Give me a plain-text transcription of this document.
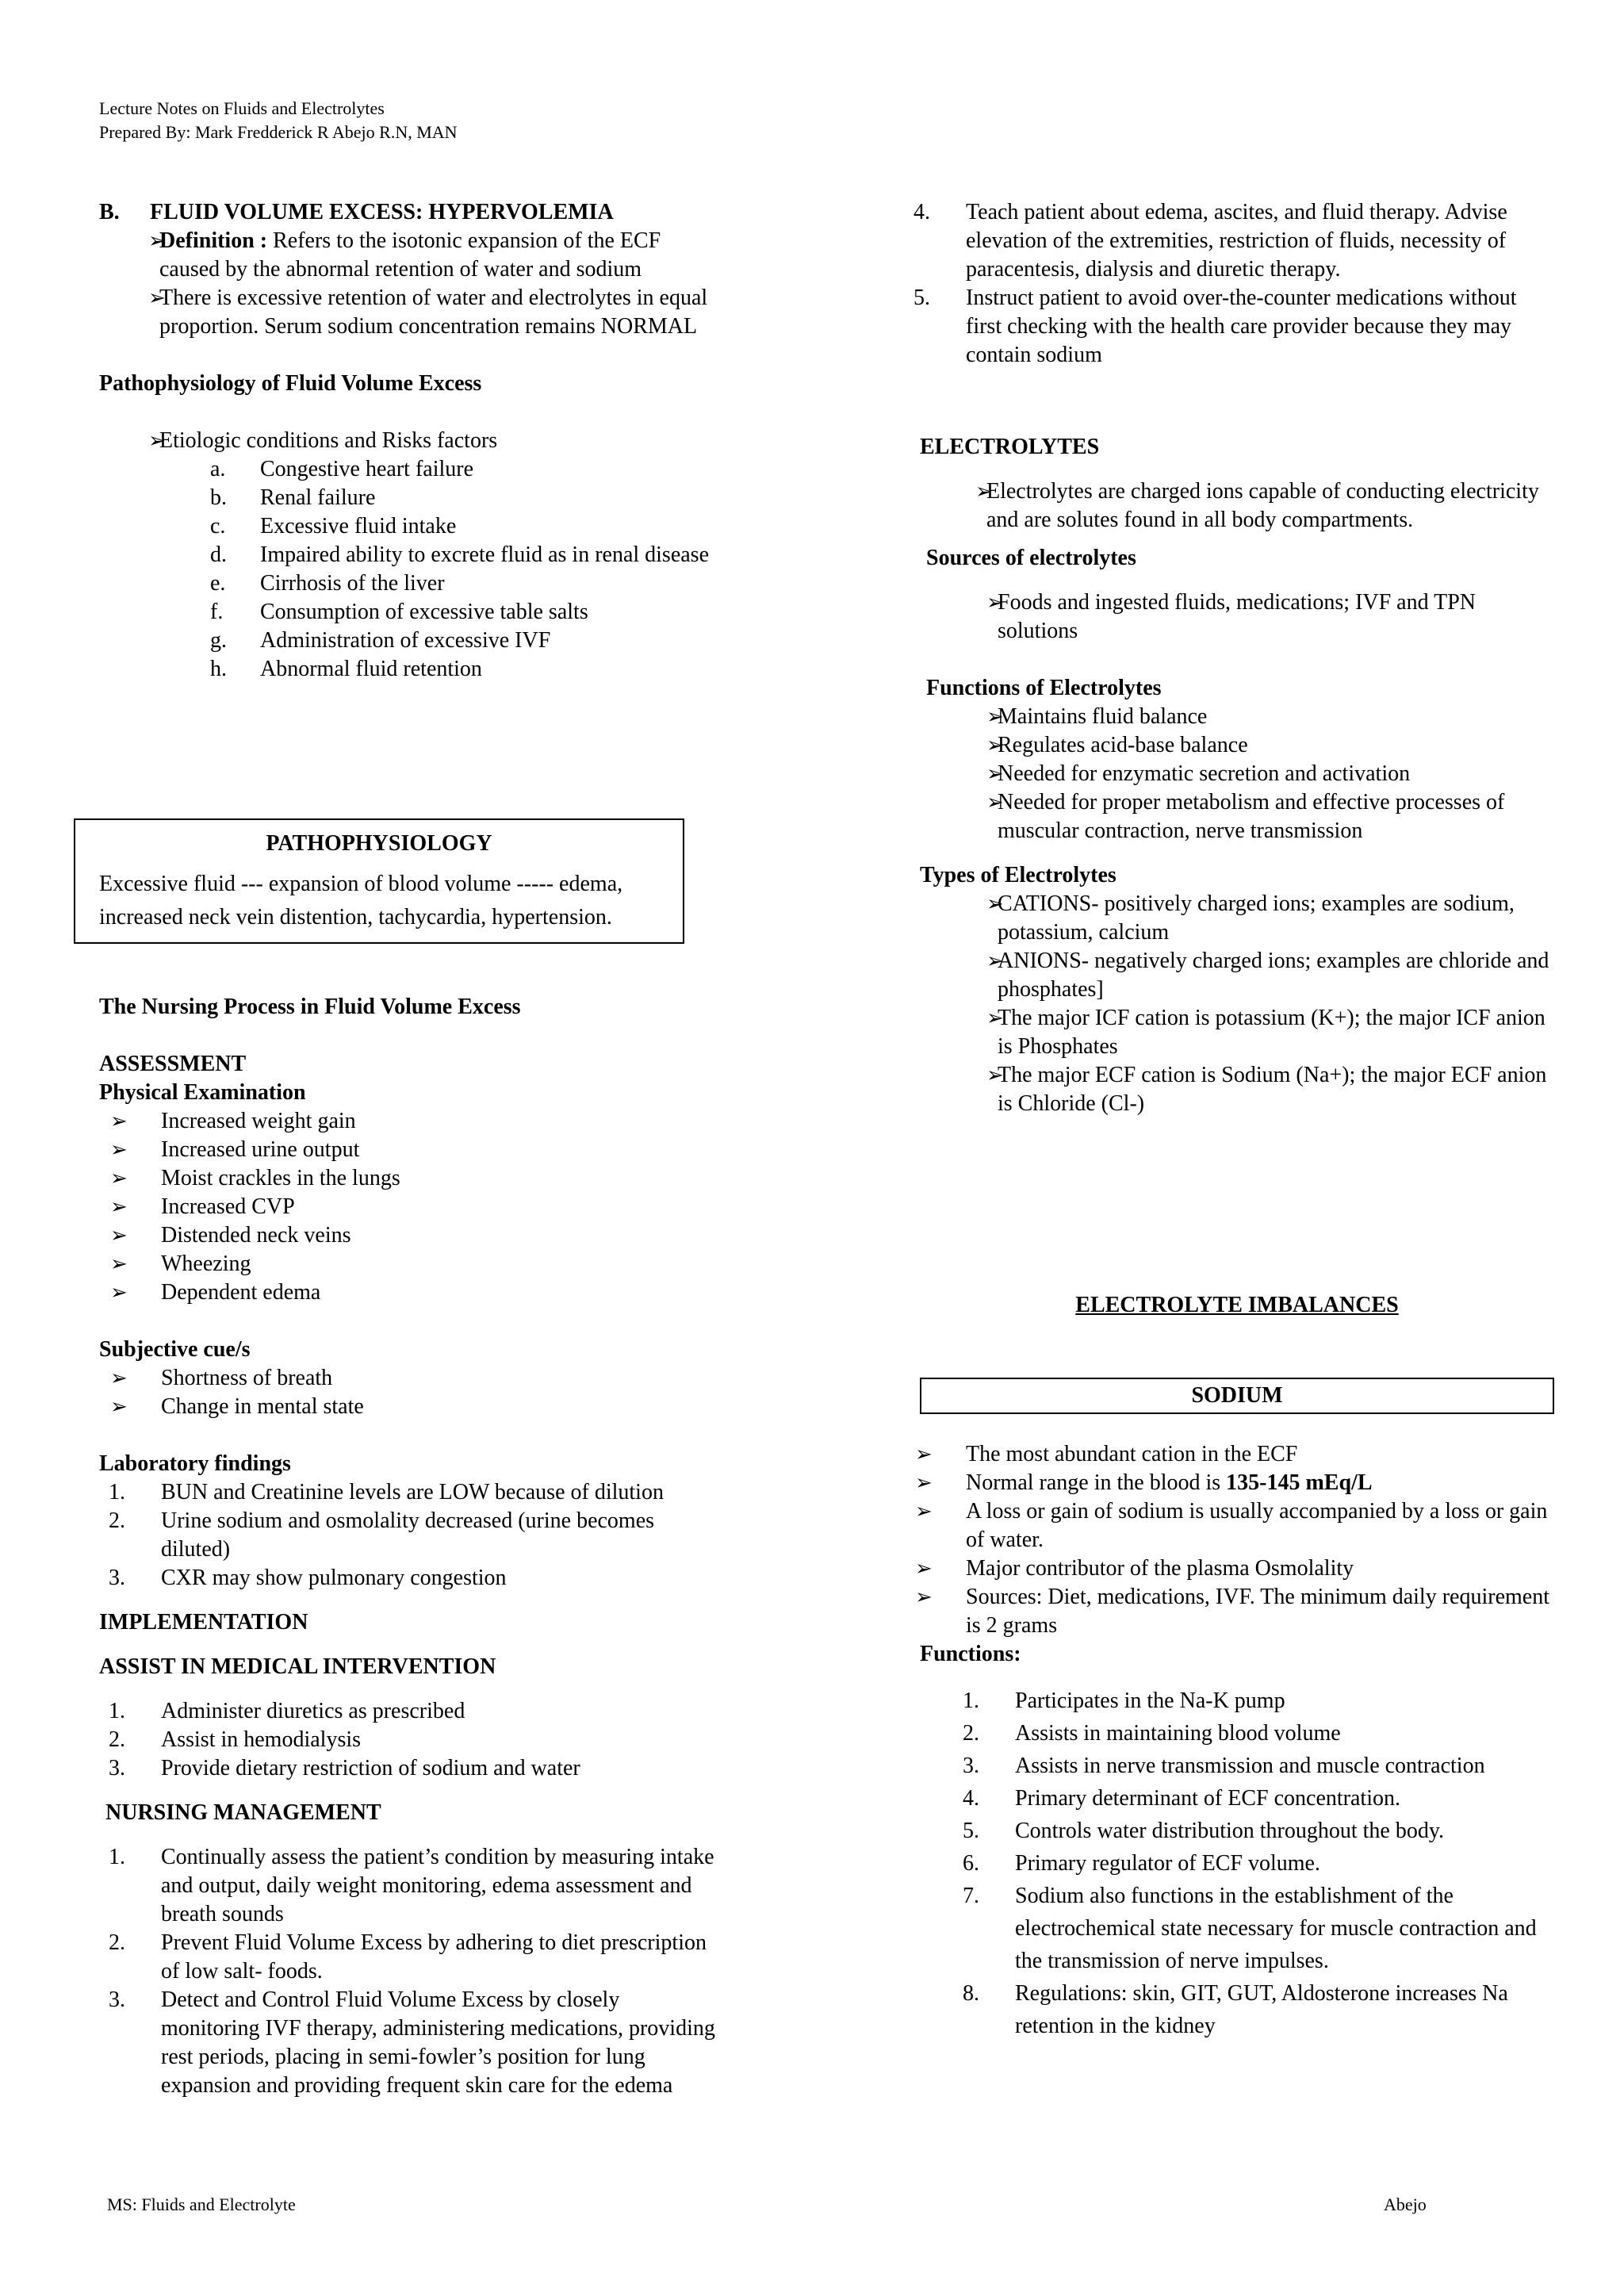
Lecture Notes on Fluids and Electrolytes
Prepared By: Mark Fredderick R Abejo R.N, MAN
B.	FLUID VOLUME EXCESS: HYPERVOLEMIA
➢ Definition : Refers to the isotonic expansion of the ECF caused by the abnormal retention of water and sodium
➢ There is excessive retention of water and electrolytes in equal proportion. Serum sodium concentration remains NORMAL
Pathophysiology of Fluid Volume Excess
➢ Etiologic conditions and Risks factors
a. Congestive heart failure
b. Renal failure
c. Excessive fluid intake
d. Impaired ability to excrete fluid as in renal disease
e. Cirrhosis of the liver
f. Consumption of excessive table salts
g. Administration of excessive IVF
h. Abnormal fluid retention
PATHOPHYSIOLOGY
Excessive fluid --- expansion of blood volume ----- edema, increased neck vein distention, tachycardia, hypertension.
The Nursing Process in Fluid Volume Excess
ASSESSMENT
Physical Examination
➢ Increased weight gain
➢ Increased urine output
➢ Moist crackles in the lungs
➢ Increased CVP
➢ Distended neck veins
➢ Wheezing
➢ Dependent edema
Subjective cue/s
➢ Shortness of breath
➢ Change in mental state
Laboratory findings
1. BUN and Creatinine levels are LOW because of dilution
2. Urine sodium and osmolality decreased (urine becomes diluted)
3. CXR may show pulmonary congestion
IMPLEMENTATION
ASSIST IN MEDICAL INTERVENTION
1. Administer diuretics as prescribed
2. Assist in hemodialysis
3. Provide dietary restriction of sodium and water
NURSING MANAGEMENT
1. Continually assess the patient’s condition by measuring intake and output, daily weight monitoring, edema assessment and breath sounds
2. Prevent Fluid Volume Excess by adhering to diet prescription of low salt- foods.
3. Detect and Control Fluid Volume Excess by closely monitoring IVF therapy, administering medications, providing rest periods, placing in semi-fowler’s position for lung expansion and providing frequent skin care for the edema
4. Teach patient about edema, ascites, and fluid therapy. Advise elevation of the extremities, restriction of fluids, necessity of paracentesis, dialysis and diuretic therapy.
5. Instruct patient to avoid over-the-counter medications without first checking with the health care provider because they may contain sodium
ELECTROLYTES
➢ Electrolytes are charged ions capable of conducting electricity and are solutes found in all body compartments.
Sources of electrolytes
➢ Foods and ingested fluids, medications; IVF and TPN solutions
Functions of Electrolytes
➢ Maintains fluid balance
➢ Regulates acid-base balance
➢ Needed for enzymatic secretion and activation
➢ Needed for proper metabolism and effective processes of muscular contraction, nerve transmission
Types of Electrolytes
➢ CATIONS- positively charged ions; examples are sodium, potassium, calcium
➢ ANIONS- negatively charged ions; examples are chloride and phosphates]
➢ The major ICF cation is potassium (K+); the major ICF anion is Phosphates
➢ The major ECF cation is Sodium (Na+); the major ECF anion is Chloride (Cl-)
ELECTROLYTE IMBALANCES
SODIUM
➢ The most abundant cation in the ECF
➢ Normal range in the blood is 135-145 mEq/L
➢ A loss or gain of sodium is usually accompanied by a loss or gain of water.
➢ Major contributor of the plasma Osmolality
➢ Sources: Diet, medications, IVF. The minimum daily requirement is 2 grams
Functions:
1. Participates in the Na-K pump
2. Assists in maintaining blood volume
3. Assists in nerve transmission and muscle contraction
4. Primary determinant of ECF concentration.
5. Controls water distribution throughout the body.
6. Primary regulator of ECF volume.
7. Sodium also functions in the establishment of the electrochemical state necessary for muscle contraction and the transmission of nerve impulses.
8. Regulations: skin, GIT, GUT, Aldosterone increases Na retention in the kidney
MS: Fluids and Electrolyte	Abejo
